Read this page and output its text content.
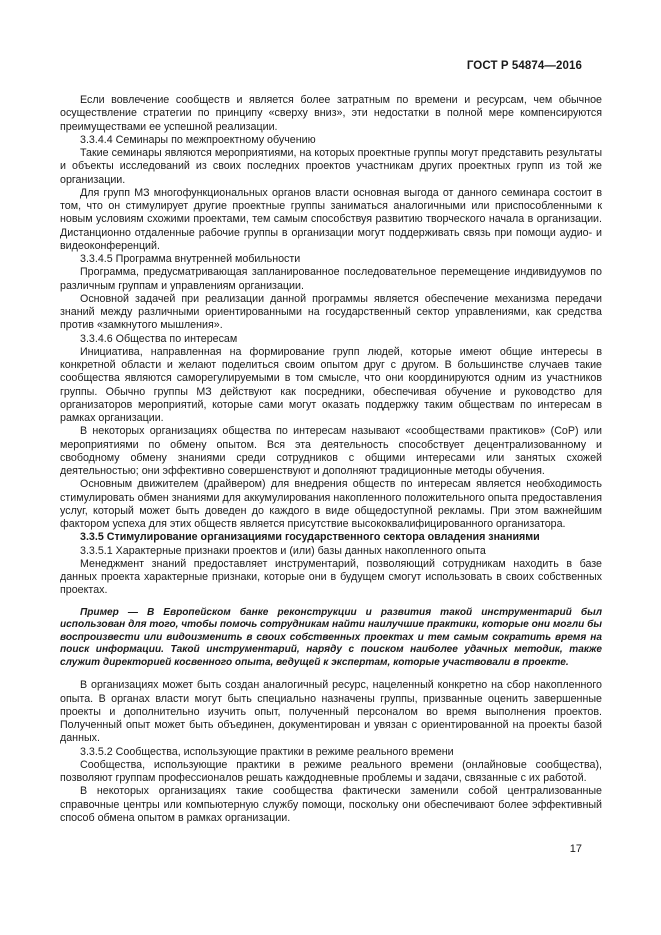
ГОСТ Р 54874—2016

Если вовлечение сообществ и является более затратным по времени и ресурсам, чем обычное осуществление стратегии по принципу «сверху вниз», эти недостатки в полной мере компенсируются преимуществами ее успешной реализации.

3.3.4.4 Семинары по межпроектному обучению

Такие семинары являются мероприятиями, на которых проектные группы могут представить результаты и объекты исследований из своих последних проектов участникам других проектных групп из той же организации.

Для групп МЗ многофункциональных органов власти основная выгода от данного семинара состоит в том, что он стимулирует другие проектные группы заниматься аналогичными или приспособленными к новым условиям схожими проектами, тем самым способствуя развитию творческого начала в организации. Дистанционно отдаленные рабочие группы в организации могут поддерживать связь при помощи аудио- и видеоконференций.

3.3.4.5 Программа внутренней мобильности

Программа, предусматривающая запланированное последовательное перемещение индивидуумов по различным группам и управлениям организации.

Основной задачей при реализации данной программы является обеспечение механизма передачи знаний между различными ориентированными на государственный сектор управлениями, как средства против «замкнутого мышления».

3.3.4.6 Общества по интересам

Инициатива, направленная на формирование групп людей, которые имеют общие интересы в конкретной области и желают поделиться своим опытом друг с другом. В большинстве случаев такие сообщества являются саморегулируемыми в том смысле, что они координируются одним из участников группы. Обычно группы МЗ действуют как посредники, обеспечивая обучение и руководство для организаторов мероприятий, которые сами могут оказать поддержку таким обществам по интересам в рамках организации.

В некоторых организациях общества по интересам называют «сообществами практиков» (CoP) или мероприятиями по обмену опытом. Вся эта деятельность способствует децентрализованному и свободному обмену знаниями среди сотрудников с общими интересами или занятых схожей деятельностью; они эффективно совершенствуют и дополняют традиционные методы обучения.

Основным движителем (драйвером) для внедрения обществ по интересам является необходимость стимулировать обмен знаниями для аккумулирования накопленного положительного опыта предоставления услуг, который может быть доведен до каждого в виде общедоступной рекламы. При этом важнейшим фактором успеха для этих обществ является присутствие высококвалифицированного организатора.

3.3.5 Стимулирование организациями государственного сектора овладения знаниями

3.3.5.1 Характерные признаки проектов и (или) базы данных накопленного опыта

Менеджмент знаний предоставляет инструментарий, позволяющий сотрудникам находить в базе данных проекта характерные признаки, которые они в будущем смогут использовать в своих собственных проектах.

Пример — В Европейском банке реконструкции и развития такой инструментарий был использован для того, чтобы помочь сотрудникам найти наилучшие практики, которые они могли бы воспроизвести или видоизменить в своих собственных проектах и тем самым сократить время на поиск информации. Такой инструментарий, наряду с поиском наиболее удачных методик, также служит директорией косвенного опыта, ведущей к экспертам, которые участвовали в проекте.

В организациях может быть создан аналогичный ресурс, нацеленный конкретно на сбор накопленного опыта. В органах власти могут быть специально назначены группы, призванные оценить завершенные проекты и дополнительно изучить опыт, полученный персоналом во время выполнения проектов. Полученный опыт может быть объединен, документирован и увязан с ориентированной на проекты базой данных.

3.3.5.2 Сообщества, использующие практики в режиме реального времени

Сообщества, использующие практики в режиме реального времени (онлайновые сообщества), позволяют группам профессионалов решать каждодневные проблемы и задачи, связанные с их работой.

В некоторых организациях такие сообщества фактически заменили собой централизованные справочные центры или компьютерную службу помощи, поскольку они обеспечивают более эффективный способ обмена опытом в рамках организации.

17
